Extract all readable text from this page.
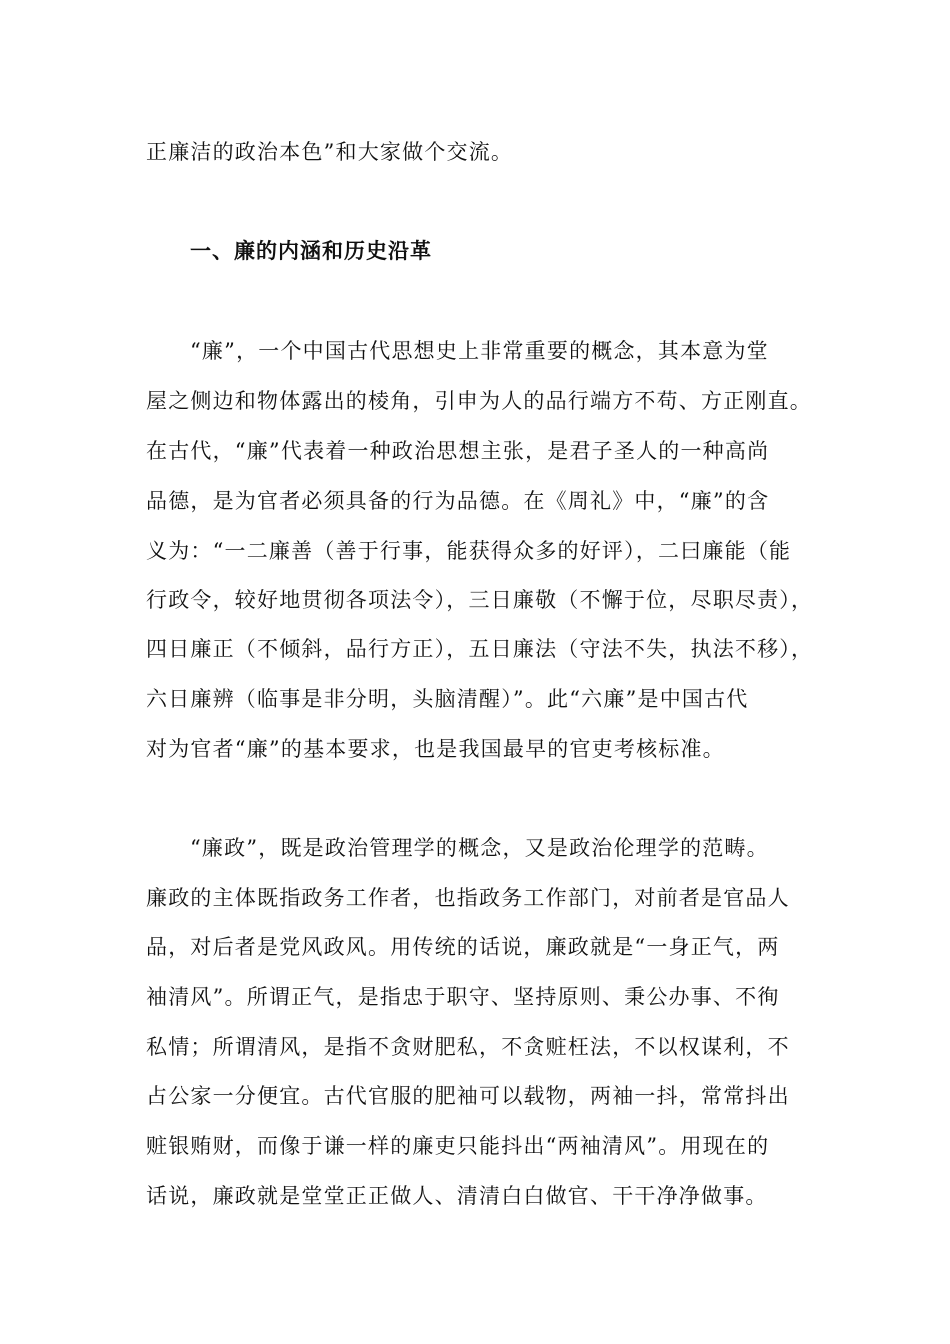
正廉洁的政治本色”和大家做个交流。
一、廉的内涵和历史沿革
“廉”，一个中国古代思想史上非常重要的概念，其本意为堂
屋之侧边和物体露出的棱角，引申为人的品行端方不苟、方正刚直。
在古代，“廉”代表着一种政治思想主张，是君子圣人的一种高尚
品德，是为官者必须具备的行为品德。在《周礼》中，“廉”的含
义为：“一二廉善（善于行事，能获得众多的好评），二曰廉能（能
行政令，较好地贯彻各项法令），三日廉敬（不懈于位，尽职尽责），
四日廉正（不倾斜，品行方正），五日廉法（守法不失，执法不移），
六日廉辨（临事是非分明，头脑清醒）”。此“六廉”是中国古代
对为官者“廉”的基本要求，也是我国最早的官吏考核标准。
“廉政”，既是政治管理学的概念，又是政治伦理学的范畴。
廉政的主体既指政务工作者，也指政务工作部门，对前者是官品人
品，对后者是党风政风。用传统的话说，廉政就是“一身正气，两
袖清风”。所谓正气，是指忠于职守、坚持原则、秉公办事、不徇
私情；所谓清风，是指不贪财肥私，不贪赃枉法，不以权谋利，不
占公家一分便宜。古代官服的肥袖可以载物，两袖一抖，常常抖出
赃银贿财，而像于谦一样的廉吏只能抖出“两袖清风”。用现在的
话说，廉政就是堂堂正正做人、清清白白做官、干干净净做事。
